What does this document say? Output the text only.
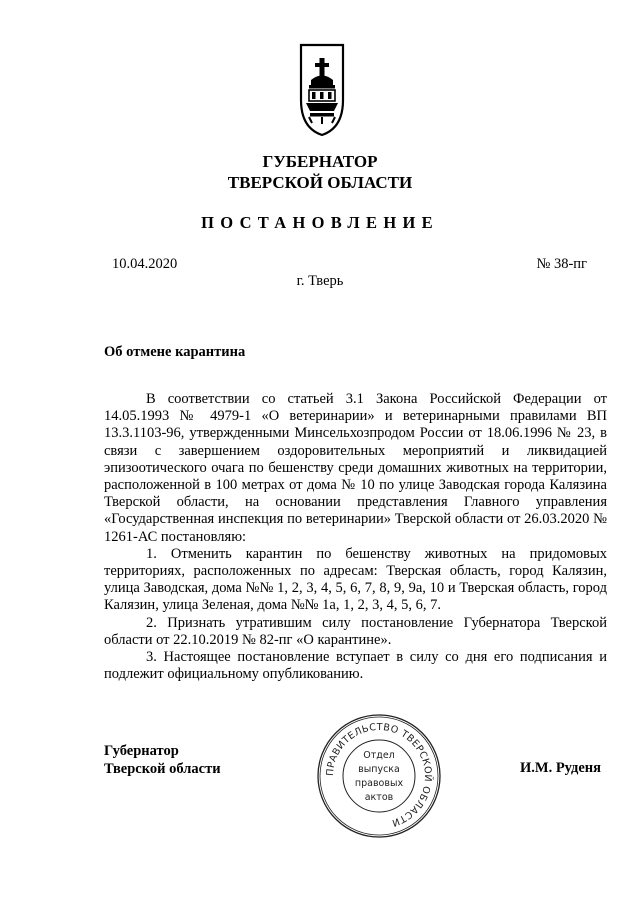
ГУБЕРНАТОР
ТВЕРСКОЙ ОБЛАСТИ
ПОСТАНОВЛЕНИЕ
10.04.2020	№ 38-пг
г. Тверь
Об отмене карантина

В соответствии со статьей 3.1 Закона Российской Федерации от 14.05.1993 № 4979-1 «О ветеринарии» и ветеринарными правилами ВП 13.3.1103-96, утвержденными Минсельхозпродом России от 18.06.1996 № 23, в связи с завершением оздоровительных мероприятий и ликвидацией эпизоотического очага по бешенству среди домашних животных на территории, расположенной в 100 метрах от дома № 10 по улице Заводская города Калязина Тверской области, на основании представления Главного управления «Государственная инспекция по ветеринарии» Тверской области от 26.03.2020 № 1261-АС постановляю:

1. Отменить карантин по бешенству животных на придомовых территориях, расположенных по адресам: Тверская область, город Калязин, улица Заводская, дома №№ 1, 2, 3, 4, 5, 6, 7, 8, 9, 9а, 10 и Тверская область, город Калязин, улица Зеленая, дома №№ 1а, 1, 2, 3, 4, 5, 6, 7.

2. Признать утратившим силу постановление Губернатора Тверской области от 22.10.2019 № 82-пг «О карантине».

3. Настоящее постановление вступает в силу со дня его подписания и подлежит официальному опубликованию.

Губернатор
Тверской области	ПРАВИТЕЛЬСТВО ТВЕРСКОЙ ОБЛАСТИ
Отдел
выпуска
правовых
актов
И.М. Руденя
